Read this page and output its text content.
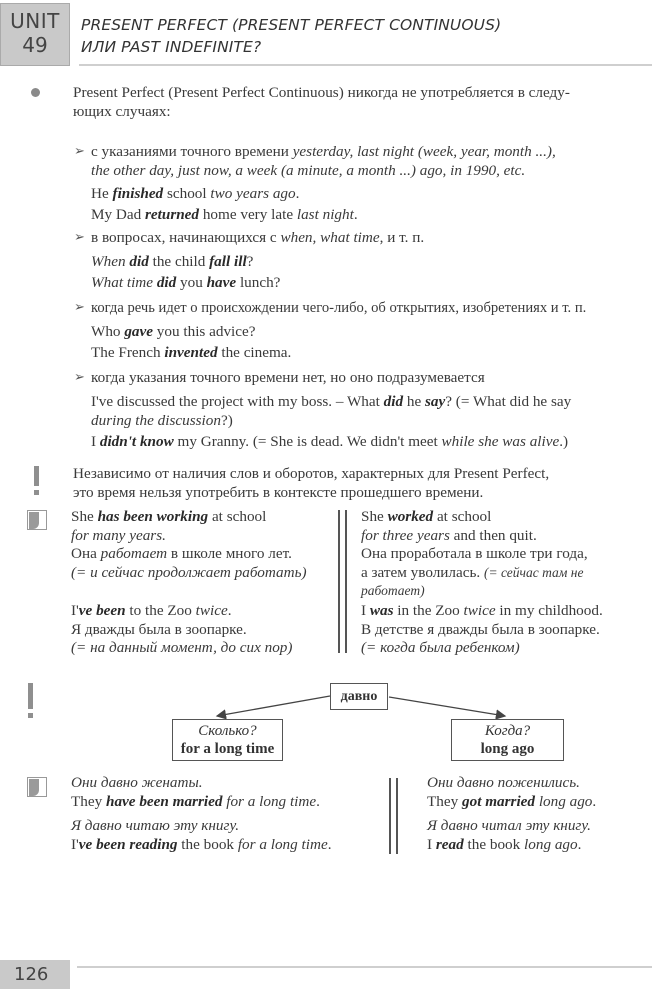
UNIT
49
PRESENT PERFECT (PRESENT PERFECT CONTINUOUS)
ИЛИ PAST INDEFINITE?
Present Perfect (Present Perfect Continuous) никогда не употребляется в следу-
ющих случаях:
➢ с указаниями точного времени yesterday, last night (week, year, month ...),
the other day, just now, a week (a minute, a month ...) ago, in 1990, etc.
He finished school two years ago.
My Dad returned home very late last night.
➢ в вопросах, начинающихся с when, what time, и т. п.
When did the child fall ill?
What time did you have lunch?
➢ когда речь идет о происхождении чего-либо, об открытиях, изобретениях и т. п.
Who gave you this advice?
The French invented the cinema.
➢ когда указания точного времени нет, но оно подразумевается
I've discussed the project with my boss. – What did he say? (= What did he say
during the discussion?)
I didn't know my Granny. (= She is dead. We didn't meet while she was alive.)
Независимо от наличия слов и оборотов, характерных для Present Perfect,
это время нельзя употребить в контексте прошедшего времени.
She has been working at school
for many years.
Она работает в школе много лет.
(= и сейчас продолжает работать)
I've been to the Zoo twice.
Я дважды была в зоопарке.
(= на данный момент, до сих пор)
She worked at school
for three years and then quit.
Она проработала в школе три года,
а затем уволилась. (= сейчас там не
работает)
I was in the Zoo twice in my childhood.
В детстве я дважды была в зоопарке.
(= когда была ребенком)
давно
Сколько?
for a long time
Когда?
long ago
Они давно женаты.
They have been married for a long time.
Я давно читаю эту книгу.
I've been reading the book for a long time.
Они давно поженились.
They got married long ago.
Я давно читал эту книгу.
I read the book long ago.
126
